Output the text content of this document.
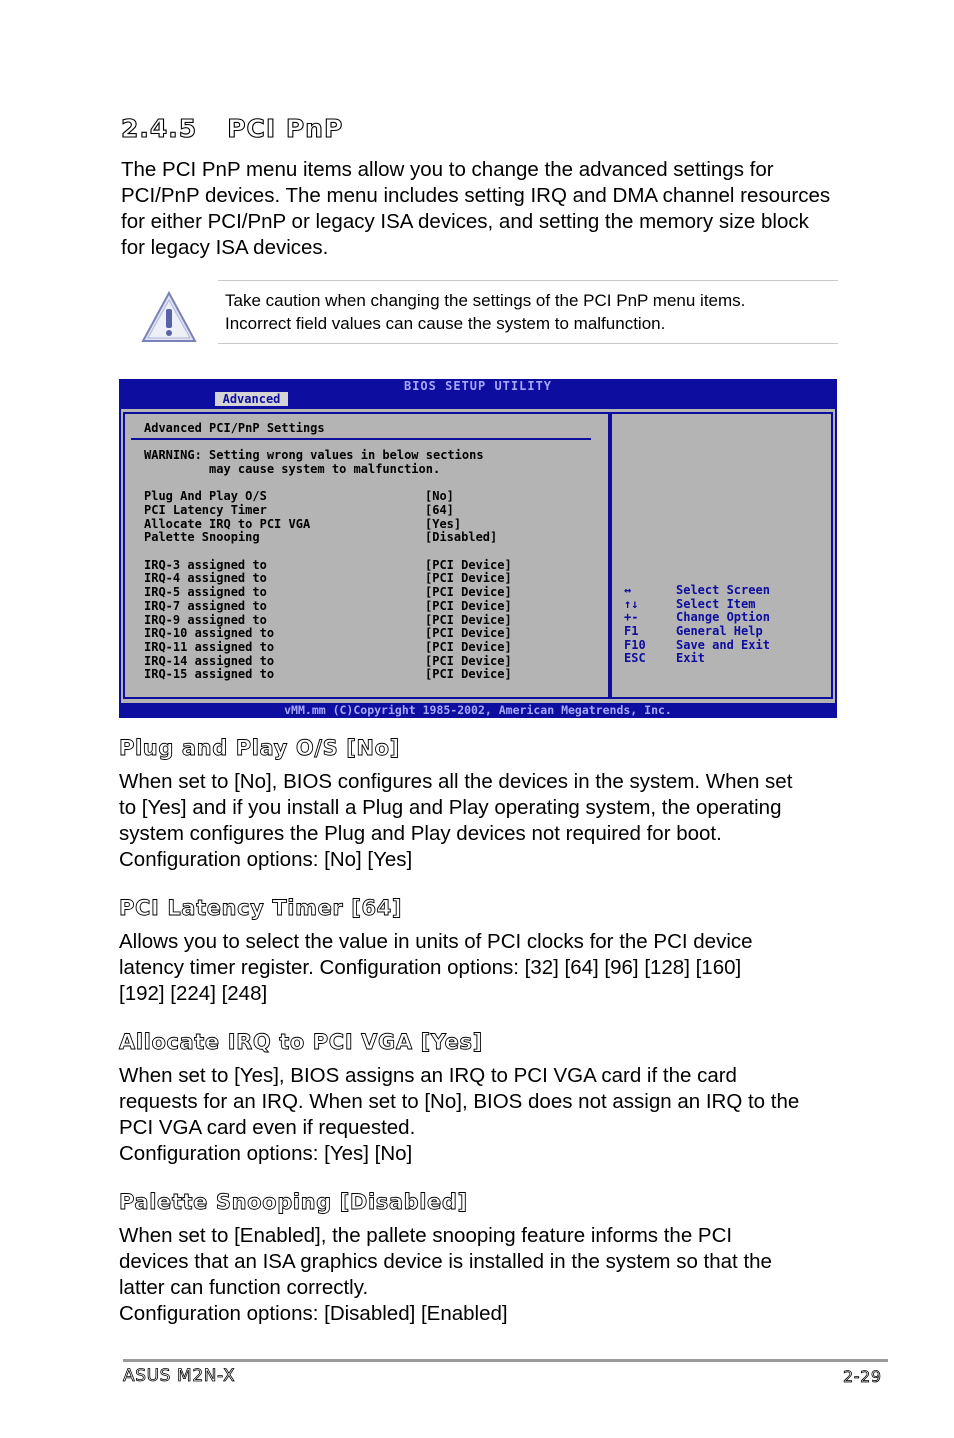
2.4.5 PCI PnP

The PCI PnP menu items allow you to change the advanced settings for
PCI/PnP devices. The menu includes setting IRQ and DMA channel resources
for either PCI/PnP or legacy ISA devices, and setting the memory size block
for legacy ISA devices.

Take caution when changing the settings of the PCI PnP menu items.
Incorrect field values can cause the system to malfunction.
BIOS SETUP UTILITY
Advanced
Advanced PCI/PnP Settings
WARNING: Setting wrong values in below sections
may cause system to malfunction.
Plug And Play O/S	[No]
PCI Latency Timer	[64]
Allocate IRQ to PCI VGA	[Yes]
Palette Snooping	[Disabled]
IRQ-3 assigned to	[PCI Device]
IRQ-4 assigned to	[PCI Device]
IRQ-5 assigned to	[PCI Device]
IRQ-7 assigned to	[PCI Device]
IRQ-9 assigned to	[PCI Device]
IRQ-10 assigned to	[PCI Device]
IRQ-11 assigned to	[PCI Device]
IRQ-14 assigned to	[PCI Device]
IRQ-15 assigned to	[PCI Device]
↔	Select Screen
↑↓	Select Item
+-	Change Option
F1	General Help
F10	Save and Exit
ESC	Exit
vMM.mm (C)Copyright 1985-2002, American Megatrends, Inc.
Plug and Play O/S [No]

When set to [No], BIOS configures all the devices in the system. When set
to [Yes] and if you install a Plug and Play operating system, the operating
system configures the Plug and Play devices not required for boot.
Configuration options: [No] [Yes]

PCI Latency Timer [64]

Allows you to select the value in units of PCI clocks for the PCI device
latency timer register. Configuration options: [32] [64] [96] [128] [160]
[192] [224] [248]

Allocate IRQ to PCI VGA [Yes]

When set to [Yes], BIOS assigns an IRQ to PCI VGA card if the card
requests for an IRQ. When set to [No], BIOS does not assign an IRQ to the
PCI VGA card even if requested.
Configuration options: [Yes] [No]

Palette Snooping [Disabled]

When set to [Enabled], the pallete snooping feature informs the PCI
devices that an ISA graphics device is installed in the system so that the
latter can function correctly.
Configuration options: [Disabled] [Enabled]

ASUS M2N-X	2-29
